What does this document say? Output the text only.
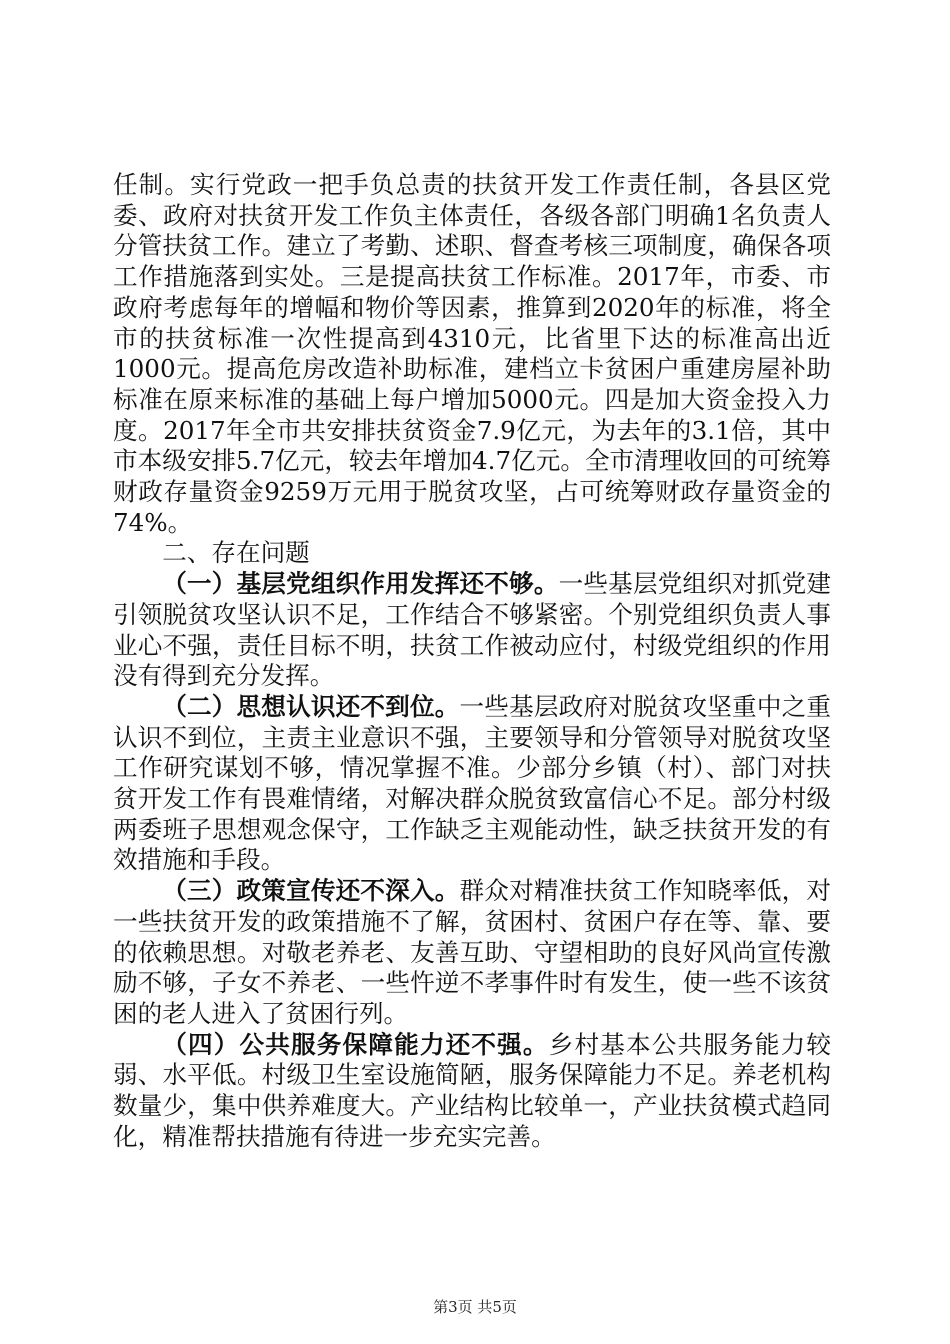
任制。实行党政一把手负总责的扶贫开发工作责任制，各县区党委、政府对扶贫开发工作负主体责任，各级各部门明确1名负责人分管扶贫工作。建立了考勤、述职、督查考核三项制度，确保各项工作措施落到实处。三是提高扶贫工作标准。2017年，市委、市政府考虑每年的增幅和物价等因素，推算到2020年的标准，将全市的扶贫标准一次性提高到4310元，比省里下达的标准高出近1000元。提高危房改造补助标准，建档立卡贫困户重建房屋补助标准在原来标准的基础上每户增加5000元。四是加大资金投入力度。2017年全市共安排扶贫资金7.9亿元，为去年的3.1倍，其中市本级安排5.7亿元，较去年增加4.7亿元。全市清理收回的可统筹财政存量资金9259万元用于脱贫攻坚，占可统筹财政存量资金的74%。

二、存在问题

（一）基层党组织作用发挥还不够。一些基层党组织对抓党建引领脱贫攻坚认识不足，工作结合不够紧密。个别党组织负责人事业心不强，责任目标不明，扶贫工作被动应付，村级党组织的作用没有得到充分发挥。

（二）思想认识还不到位。一些基层政府对脱贫攻坚重中之重认识不到位，主责主业意识不强，主要领导和分管领导对脱贫攻坚工作研究谋划不够，情况掌握不准。少部分乡镇（村）、部门对扶贫开发工作有畏难情绪，对解决群众脱贫致富信心不足。部分村级两委班子思想观念保守，工作缺乏主观能动性，缺乏扶贫开发的有效措施和手段。

（三）政策宣传还不深入。群众对精准扶贫工作知晓率低，对一些扶贫开发的政策措施不了解，贫困村、贫困户存在等、靠、要的依赖思想。对敬老养老、友善互助、守望相助的良好风尚宣传激励不够，子女不养老、一些忤逆不孝事件时有发生，使一些不该贫困的老人进入了贫困行列。

（四）公共服务保障能力还不强。乡村基本公共服务能力较弱、水平低。村级卫生室设施简陋，服务保障能力不足。养老机构数量少，集中供养难度大。产业结构比较单一，产业扶贫模式趋同化，精准帮扶措施有待进一步充实完善。

第3页 共5页
